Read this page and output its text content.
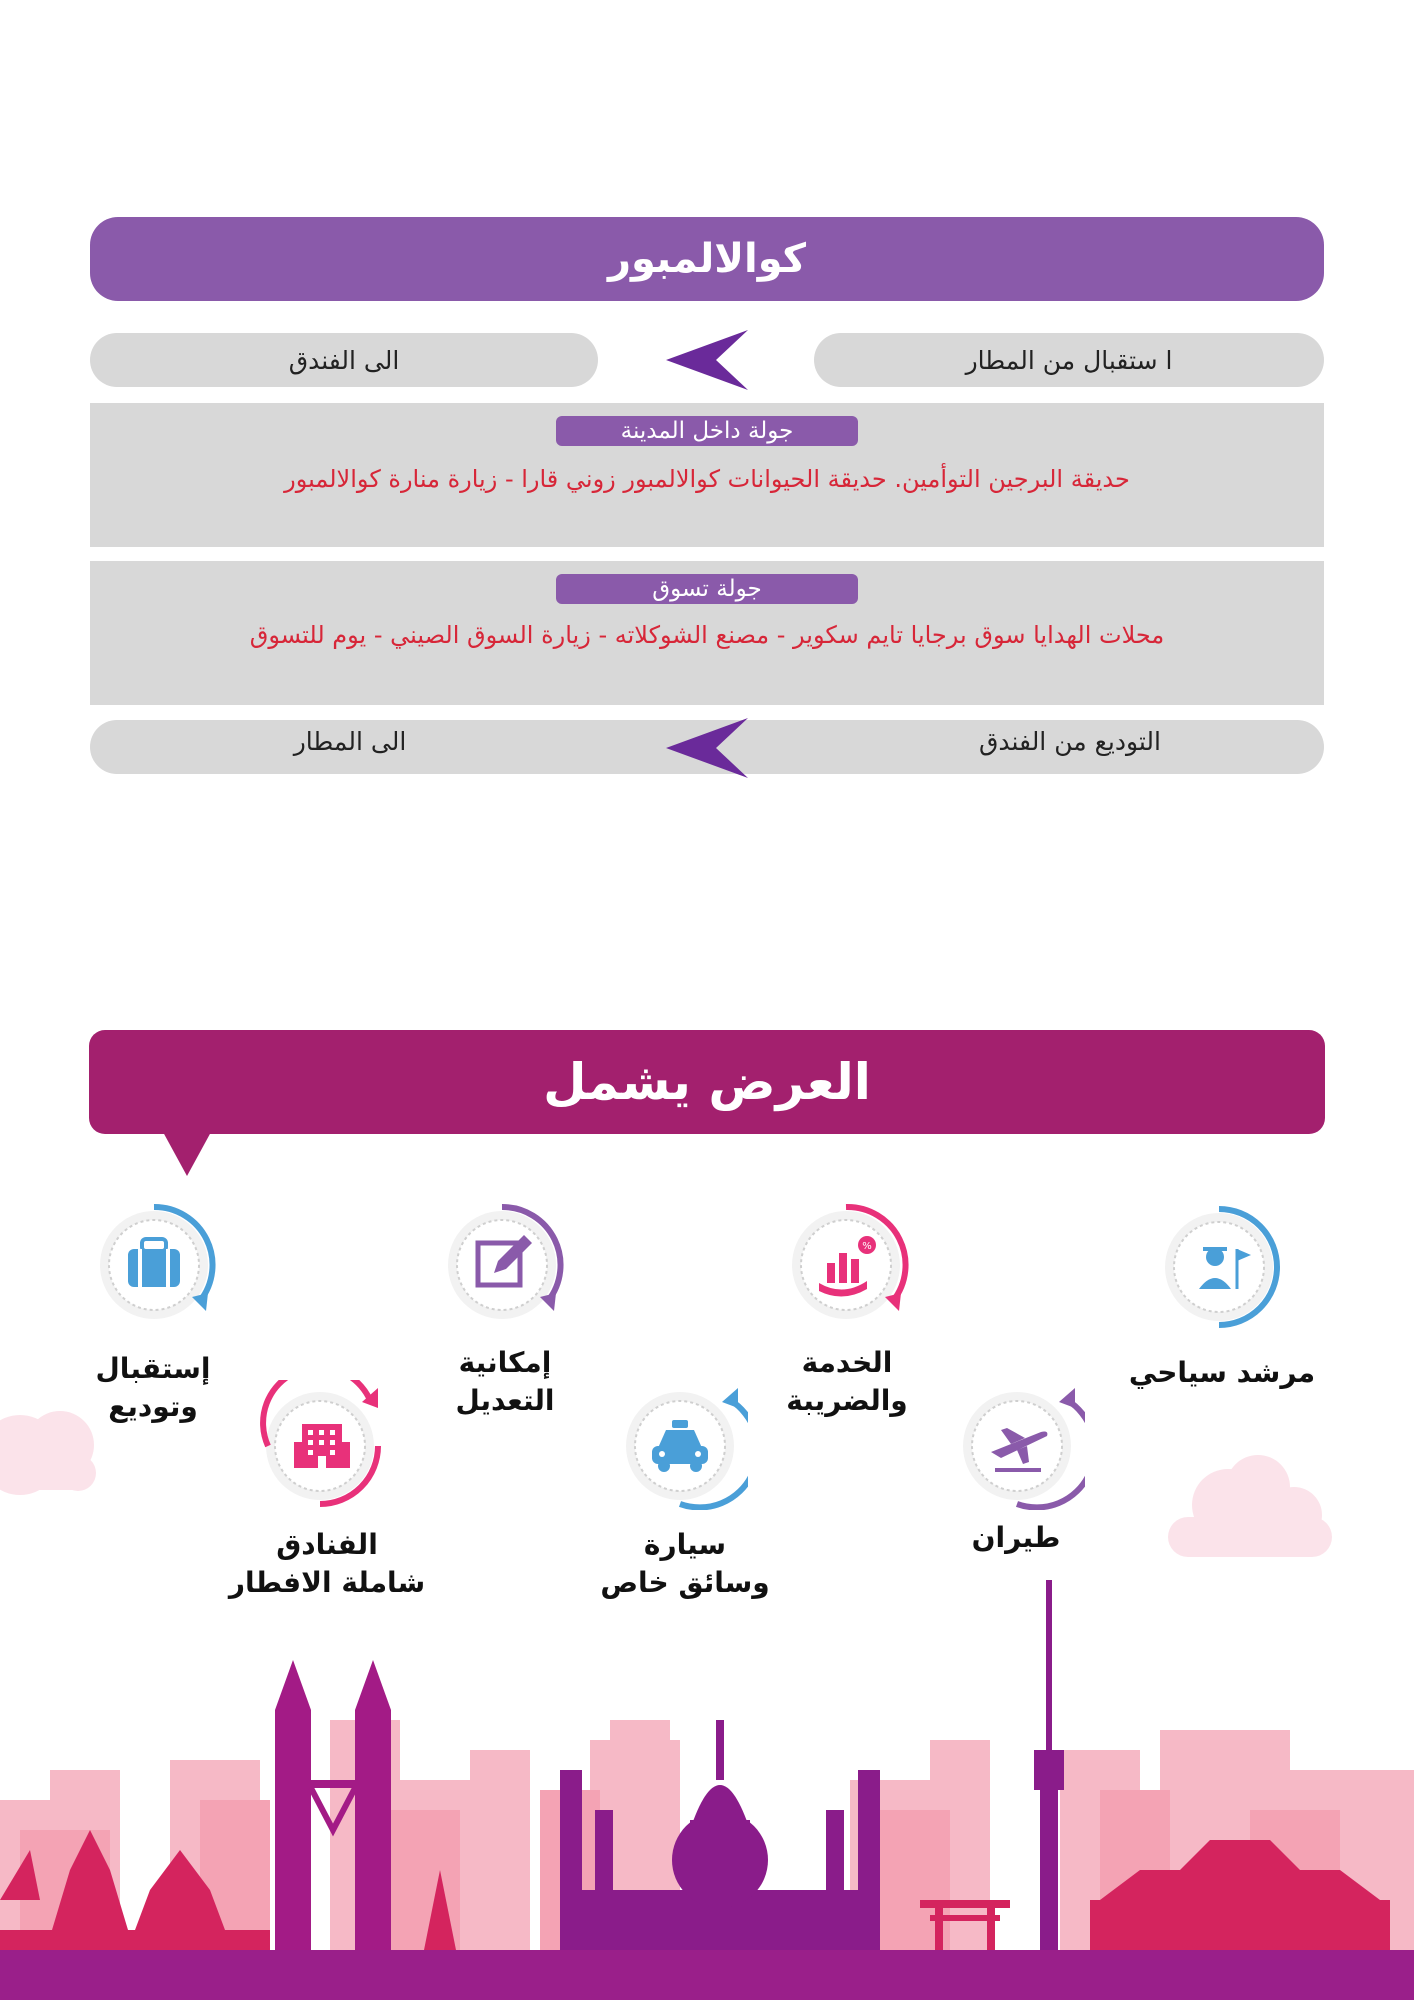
كوالالمبور
ا ستقبال من المطار
الى الفندق
جولة داخل المدينة
حديقة البرجين التوأمين. حديقة الحيوانات كوالالمبور زوني قارا - زيارة منارة كوالالمبور
جولة تسوق
محلات الهدايا سوق برجايا تايم سكوير - مصنع الشوكلاته - زيارة السوق الصيني - يوم للتسوق
التوديع من الفندق
الى المطار
العرض يشمل
مرشد سياحي
%
الخدمة
والضريبة
إمكانية
التعديل
إستقبال
وتوديع
طيران
سيارة
وسائق خاص
الفنادق
شاملة الافطار
